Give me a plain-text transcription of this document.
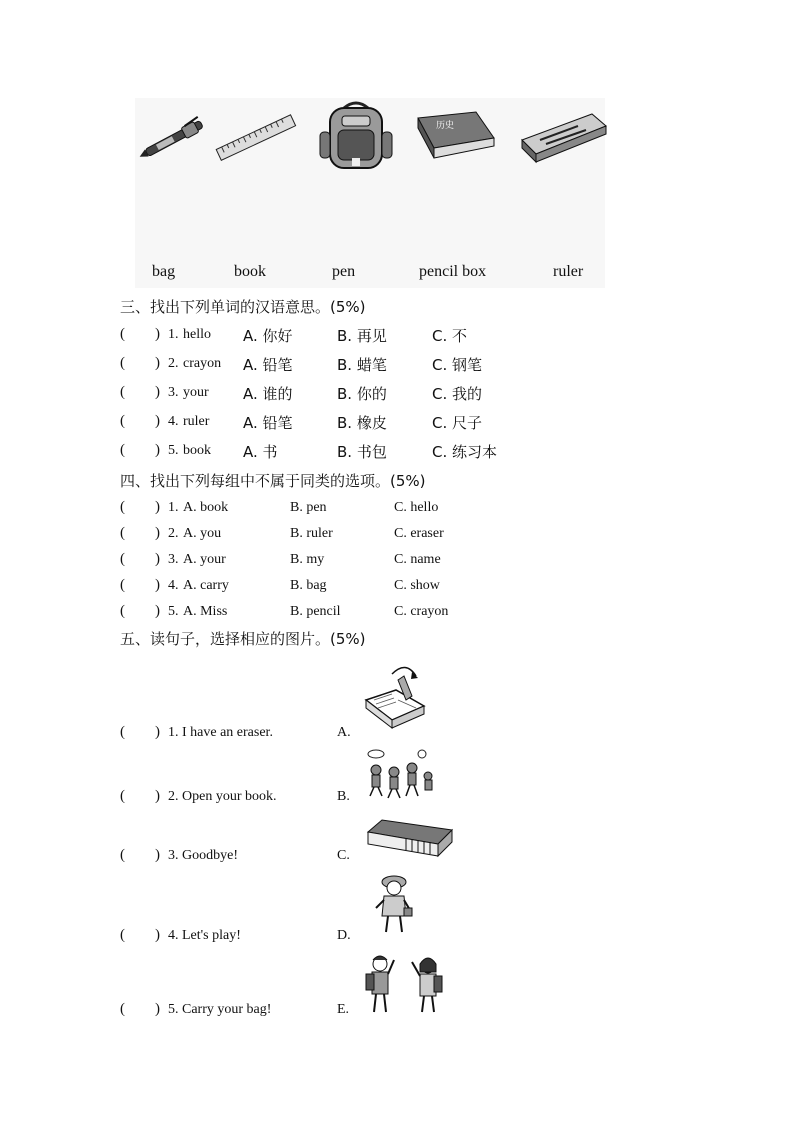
历史
bag	book	pen	pencil box	ruler
三、找出下列单词的汉语意思。(5%)
( ) 1. hello A. 你好	B. 再见	C. 不
( ) 2. crayon A. 铅笔	B. 蜡笔	C. 钢笔
( ) 3. your A. 谁的	B. 你的	C. 我的
( ) 4. ruler A. 铅笔	B. 橡皮	C. 尺子
( ) 5. book A. 书	B. 书包	C. 练习本
四、找出下列每组中不属于同类的选项。(5%)
( ) 1. A. book	B. pen	C. hello
( ) 2. A. you	B. ruler	C. eraser
( ) 3. A. your	B. my	C. name
( ) 4. A. carry	B. bag	C. show
( ) 5. A. Miss	B. pencil	C. crayon
五、读句子，选择相应的图片。(5%)
( ) 1. I have an eraser.	A.
( ) 2. Open your book.	B.
( ) 3. Goodbye!	C.
( ) 4. Let's play!	D.
( ) 5. Carry your bag!	E.
